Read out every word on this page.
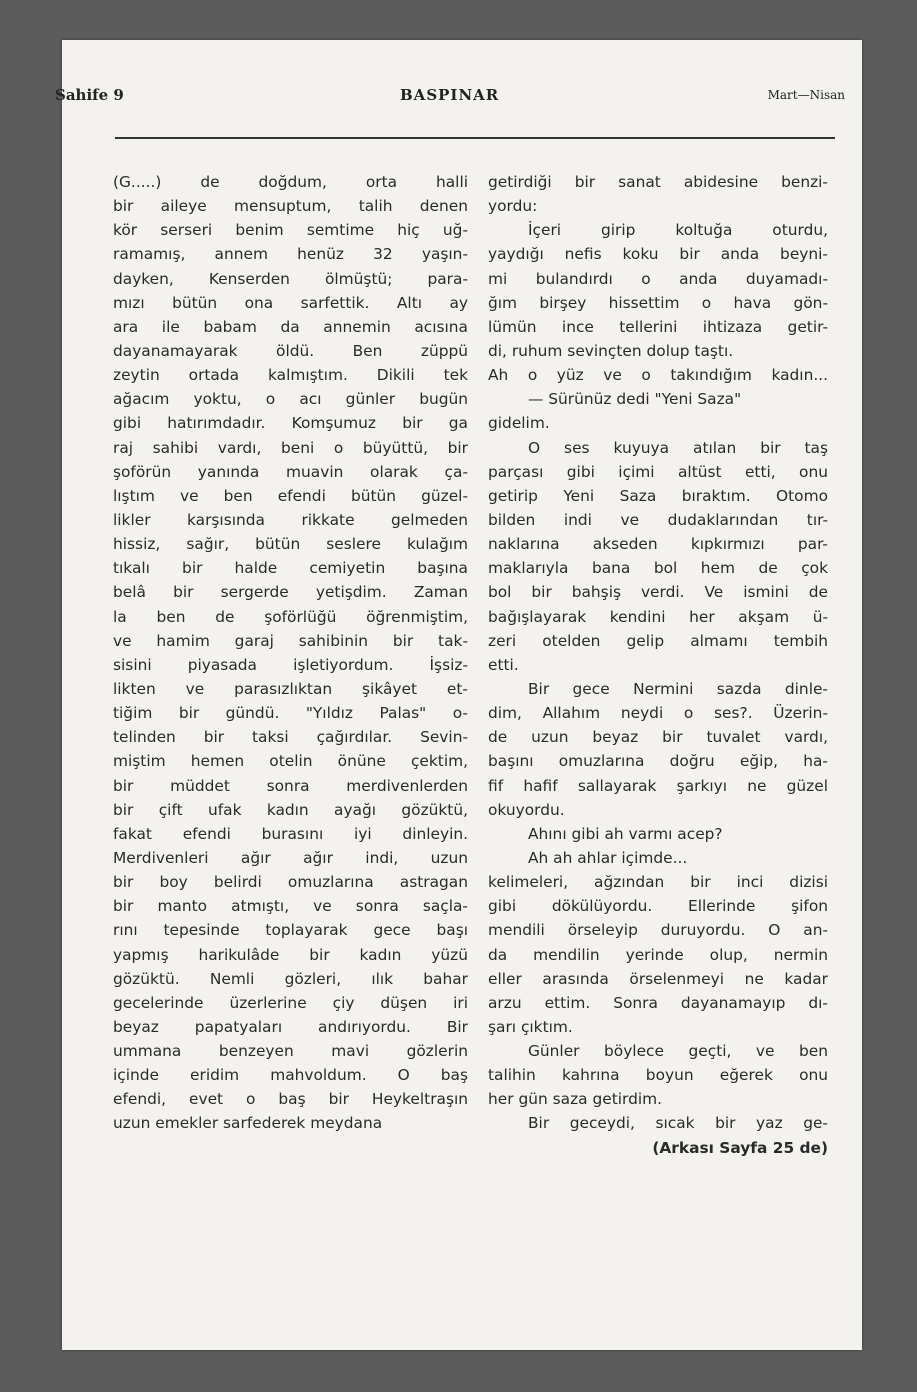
Sahife 9	BASPINAR	Mart—Nisan
(G.....) de doğdum, orta halli
bir aileye mensuptum, talih denen
kör serseri benim semtime hiç uğ-
ramamış, annem henüz 32 yaşın-
dayken, Kenserden ölmüştü; para-
mızı bütün ona sarfettik. Altı ay
ara ile babam da annemin acısına
dayanamayarak öldü. Ben züppü
zeytin ortada kalmıştım. Dikili tek
ağacım yoktu, o acı günler bugün
gibi hatırımdadır. Komşumuz bir ga
raj sahibi vardı, beni o büyüttü, bir
şoförün yanında muavin olarak ça-
lıştım ve ben efendi bütün güzel-
likler karşısında rikkate gelmeden
hissiz, sağır, bütün seslere kulağım
tıkalı bir halde cemiyetin başına
belâ bir sergerde yetişdim. Zaman
la ben de şoförlüğü öğrenmiştim,
ve hamim garaj sahibinin bir tak-
sisini piyasada işletiyordum. İşsiz-
likten ve parasızlıktan şikâyet et-
tiğim bir gündü. "Yıldız Palas" o-
telinden bir taksi çağırdılar. Sevin-
miştim hemen otelin önüne çektim,
bir müddet sonra merdivenlerden
bir çift ufak kadın ayağı gözüktü,
fakat efendi burasını iyi dinleyin.
Merdivenleri ağır ağır indi, uzun
bir boy belirdi omuzlarına astragan
bir manto atmıştı, ve sonra saçla-
rını tepesinde toplayarak gece başı
yapmış harikulâde bir kadın yüzü
gözüktü. Nemli gözleri, ılık bahar
gecelerinde üzerlerine çiy düşen iri
beyaz papatyaları andırıyordu. Bir
ummana benzeyen mavi gözlerin
içinde eridim mahvoldum. O baş
efendi, evet o baş bir Heykeltraşın
uzun emekler sarfederek meydana
getirdiği bir sanat abidesine benzi-
yordu:
İçeri girip koltuğa oturdu,
yaydığı nefis koku bir anda beyni-
mi bulandırdı o anda duyamadı-
ğım birşey hissettim o hava gön-
lümün ince tellerini ihtizaza getir-
di, ruhum sevinçten dolup taştı.
Ah o yüz ve o takındığım kadın...
— Sürünüz dedi "Yeni Saza"
gidelim.
O ses kuyuya atılan bir taş
parçası gibi içimi altüst etti, onu
getirip Yeni Saza bıraktım. Otomo
bilden indi ve dudaklarından tır-
naklarına akseden kıpkırmızı par-
maklarıyla bana bol hem de çok
bol bir bahşiş verdi. Ve ismini de
bağışlayarak kendini her akşam ü-
zeri otelden gelip almamı tembih
etti.
Bir gece Nermini sazda dinle-
dim, Allahım neydi o ses?. Üzerin-
de uzun beyaz bir tuvalet vardı,
başını omuzlarına doğru eğip, ha-
fif hafif sallayarak şarkıyı ne güzel
okuyordu.
Ahını gibi ah varmı acep?
Ah ah ahlar içimde...
kelimeleri, ağzından bir inci dizisi
gibi dökülüyordu. Ellerinde şifon
mendili örseleyip duruyordu. O an-
da mendilin yerinde olup, nermin
eller arasında örselenmeyi ne kadar
arzu ettim. Sonra dayanamayıp dı-
şarı çıktım.
Günler böylece geçti, ve ben
talihin kahrına boyun eğerek onu
her gün saza getirdim.
Bir geceydi, sıcak bir yaz ge-
(Arkası Sayfa 25 de)
